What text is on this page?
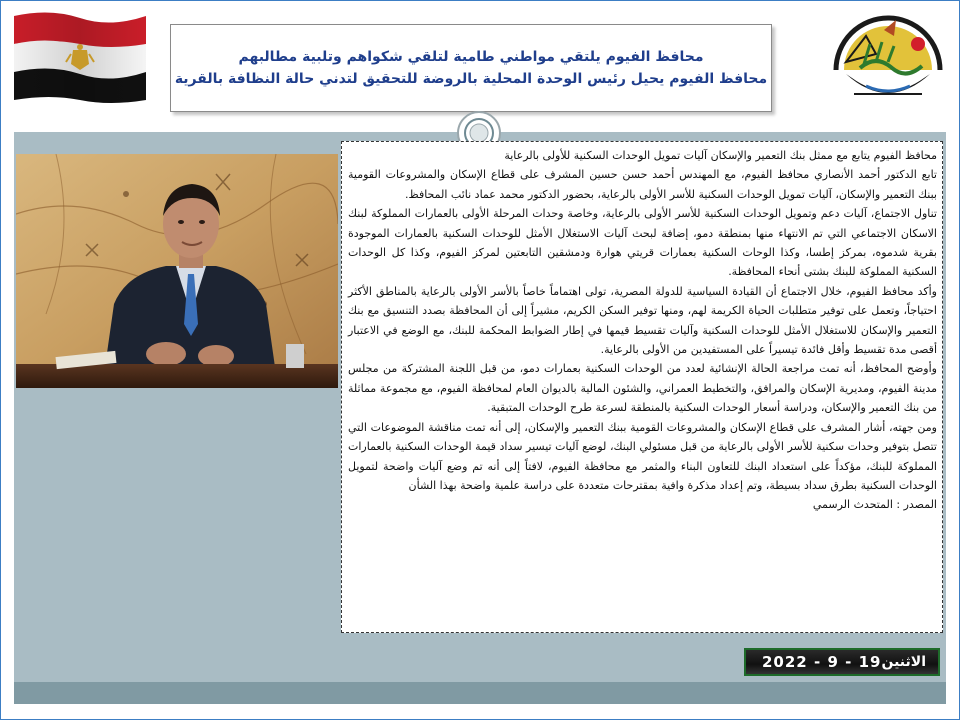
محافظ الفيوم يلتقي مواطني طامية لتلقي شكواهم وتلبية مطالبهم
محافظ الفيوم يحيل رئيس الوحدة المحلية بالروضة للتحقيق لتدني حالة النظافة بالقرية

محافظ الفيوم يتابع مع ممثل بنك التعمير والإسكان آليات تمويل الوحدات السكنية للأولى بالرعاية

تابع الدكتور أحمد الأنصاري محافظ الفيوم، مع المهندس أحمد حسن حسين المشرف على قطاع الإسكان والمشروعات القومية ببنك التعمير والإسكان، آليات تمويل الوحدات السكنية للأسر الأولى بالرعاية، بحضور الدكتور محمد عماد نائب المحافظ.

تناول الاجتماع، آليات دعم وتمويل الوحدات السكنية للأسر الأولى بالرعاية، وخاصة وحدات المرحلة الأولى بالعمارات المملوكة لبنك الاسكان الاجتماعي التي تم الانتهاء منها بمنطقة دمو، إضافة لبحث آليات الاستغلال الأمثل للوحدات السكنية بالعمارات الموجودة بقرية شدموه، بمركز إطسا، وكذا الوحات السكنية بعمارات قريتي هوارة ودمشقين التابعتين لمركز الفيوم، وكذا كل الوحدات السكنية المملوكة للبنك بشتى أنحاء المحافظة.

وأكد محافظ الفيوم، خلال الاجتماع أن القيادة السياسية للدولة المصرية، تولى اهتماماً خاصاً بالأسر الأولى بالرعاية بالمناطق الأكثر احتياجاً، وتعمل على توفير متطلبات الحياة الكريمة لهم، ومنها توفير السكن الكريم، مشيراً إلى أن المحافظة بصدد التنسيق مع بنك التعمير والإسكان للاستغلال الأمثل للوحدات السكنية وآليات تقسيط قيمها في إطار الضوابط المحكمة للبنك، مع الوضع في الاعتبار أقصى مدة تقسيط وأقل فائدة تيسيراً على المستفيدين من الأولى بالرعاية.

وأوضح المحافظ، أنه تمت مراجعة الحالة الإنشائية لعدد من الوحدات السكنية بعمارات دمو، من قبل اللجنة المشتركة من مجلس مدينة الفيوم، ومديرية الإسكان والمرافق، والتخطيط العمراني، والشئون المالية بالديوان العام لمحافظة الفيوم، مع مجموعة مماثلة من بنك التعمير والإسكان، ودراسة أسعار الوحدات السكنية بالمنطقة لسرعة طرح الوحدات المتبقية.

ومن جهته، أشار المشرف على قطاع الإسكان والمشروعات القومية ببنك التعمير والإسكان، إلى أنه تمت مناقشة الموضوعات التي تتصل بتوفير وحدات سكنية للأسر الأولى بالرعاية من قبل مسئولي البنك، لوضع آليات تيسير سداد قيمة الوحدات السكنية بالعمارات المملوكة للبنك، مؤكداً على استعداد البنك للتعاون البناء والمثمر مع محافظة الفيوم، لافتاً إلى أنه تم وضع آليات واضحة لتمويل الوحدات السكنية بطرق سداد بسيطة، وتم إعداد مذكرة وافية بمقترحات متعددة على دراسة علمية واضحة بهذا الشأن

المصدر : المتحدث الرسمي

2022 - 9 - 19 الاثنين
